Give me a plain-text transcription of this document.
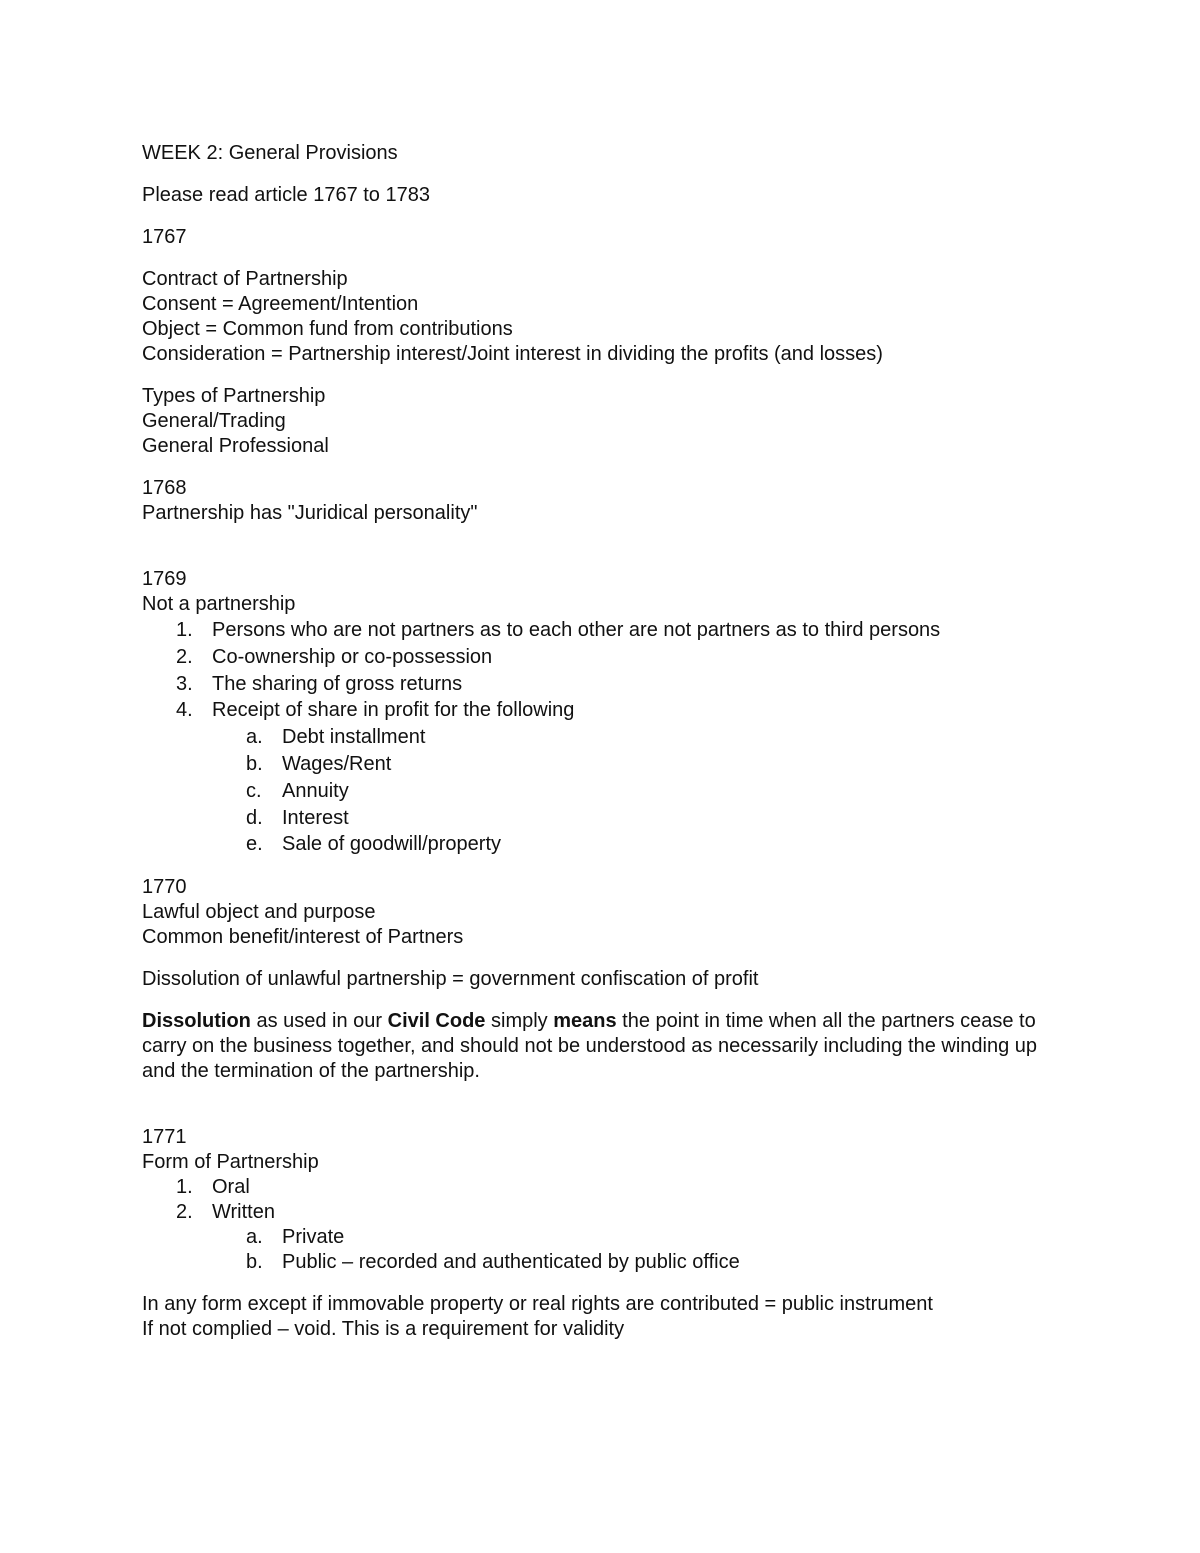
WEEK 2: General Provisions

Please read article 1767 to 1783

1767

Contract of Partnership

Consent = Agreement/Intention

Object = Common fund from contributions

Consideration = Partnership interest/Joint interest in dividing the profits (and losses)

Types of Partnership

General/Trading

General Professional

1768

Partnership has "Juridical personality"

1769

Not a partnership

1. Persons who are not partners as to each other are not partners as to third persons
2. Co-ownership or co-possession
3. The sharing of gross returns
4. Receipt of share in profit for the following
a. Debt installment
b. Wages/Rent
c. Annuity
d. Interest
e. Sale of goodwill/property

1770

Lawful object and purpose

Common benefit/interest of Partners

Dissolution of unlawful partnership = government confiscation of profit

Dissolution as used in our Civil Code simply means the point in time when all the partners cease to carry on the business together, and should not be understood as necessarily including the winding up and the termination of the partnership.

1771

Form of Partnership

1. Oral
2. Written
a. Private
b. Public – recorded and authenticated by public office

In any form except if immovable property or real rights are contributed = public instrument

If not complied – void. This is a requirement for validity
